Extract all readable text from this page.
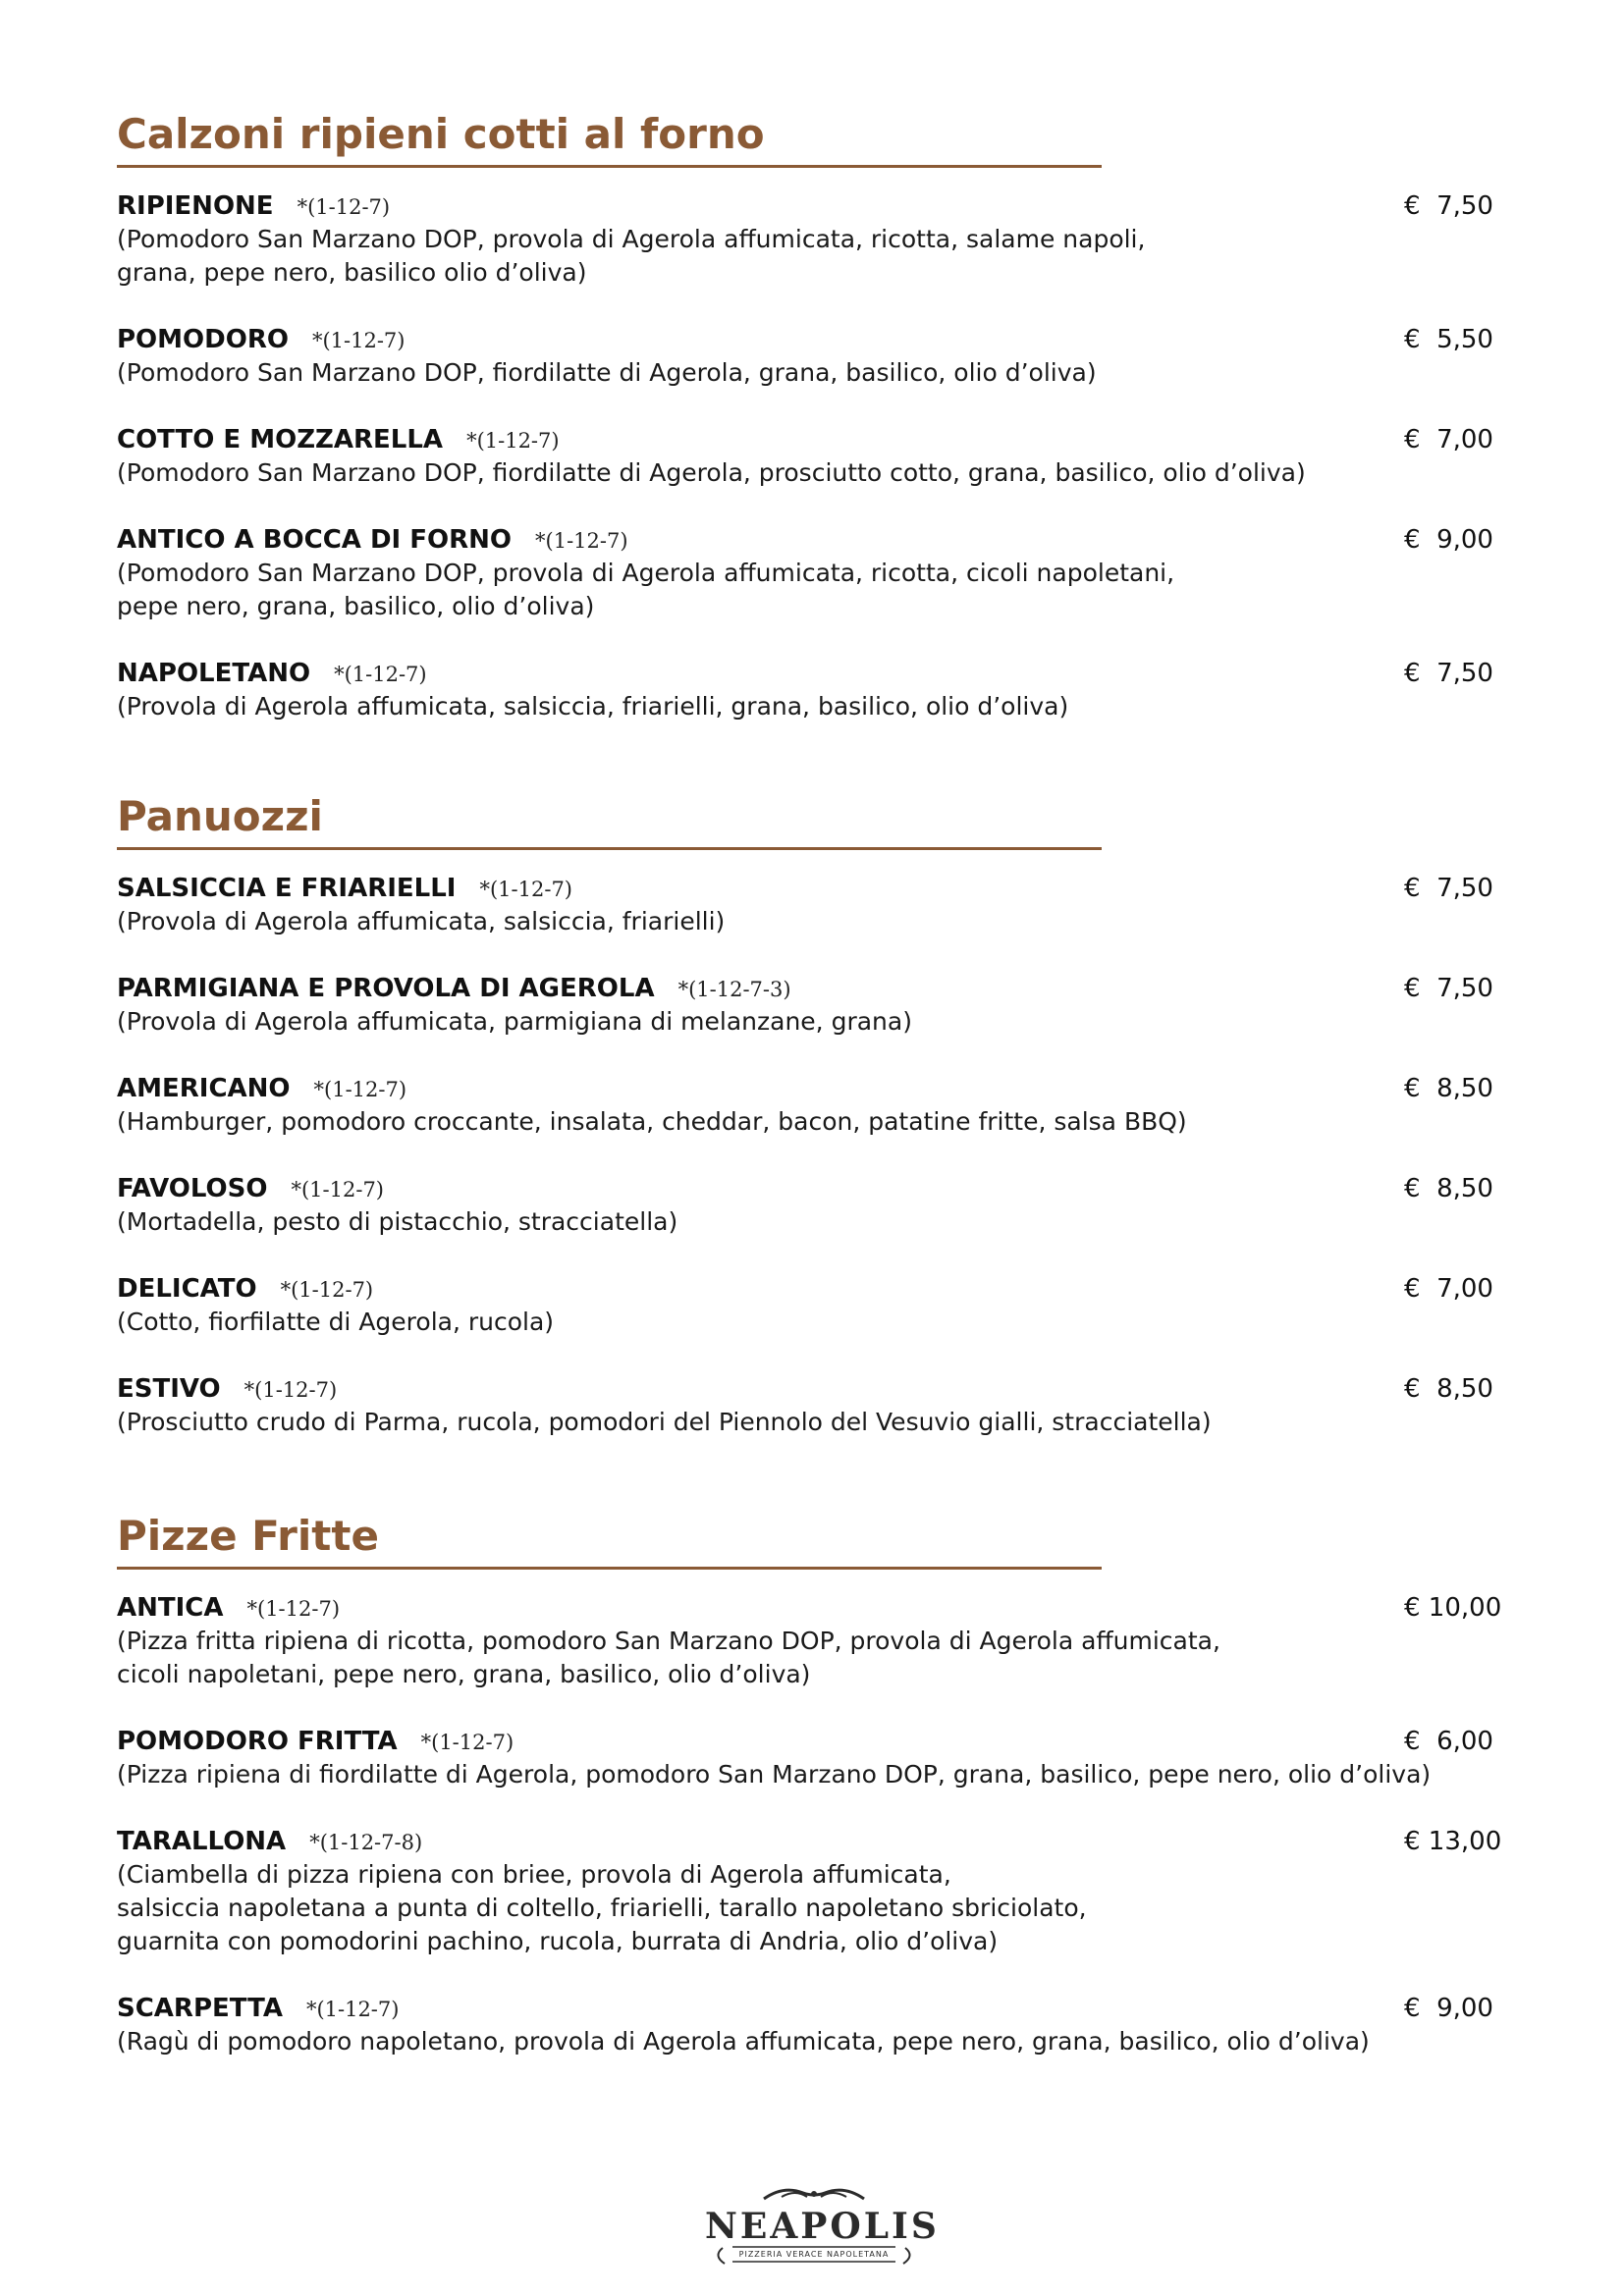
Calzoni ripieni cotti al forno
RIPIENONE *(1-12-7)	€  7,50
(Pomodoro San Marzano DOP, provola di Agerola affumicata, ricotta, salame napoli,
grana, pepe nero, basilico olio d’oliva)
POMODORO *(1-12-7)	€  5,50
(Pomodoro San Marzano DOP, fiordilatte di Agerola, grana, basilico, olio d’oliva)
COTTO E MOZZARELLA *(1-12-7)	€  7,00
(Pomodoro San Marzano DOP, fiordilatte di Agerola, prosciutto cotto, grana, basilico, olio d’oliva)
ANTICO A BOCCA DI FORNO *(1-12-7)	€  9,00
(Pomodoro San Marzano DOP, provola di Agerola affumicata, ricotta, cicoli napoletani,
pepe nero, grana, basilico, olio d’oliva)
NAPOLETANO *(1-12-7)	€  7,50
(Provola di Agerola affumicata, salsiccia, friarielli, grana, basilico, olio d’oliva)
Panuozzi
SALSICCIA E FRIARIELLI *(1-12-7)	€  7,50
(Provola di Agerola affumicata, salsiccia, friarielli)
PARMIGIANA E PROVOLA DI AGEROLA *(1-12-7-3)	€  7,50
(Provola di Agerola affumicata, parmigiana di melanzane, grana)
AMERICANO *(1-12-7)	€  8,50
(Hamburger, pomodoro croccante, insalata, cheddar, bacon, patatine fritte, salsa BBQ)
FAVOLOSO *(1-12-7)	€  8,50
(Mortadella, pesto di pistacchio, stracciatella)
DELICATO *(1-12-7)	€  7,00
(Cotto, fiorfilatte di Agerola, rucola)
ESTIVO *(1-12-7)	€  8,50
(Prosciutto crudo di Parma, rucola, pomodori del Piennolo del Vesuvio gialli, stracciatella)
Pizze Fritte
ANTICA *(1-12-7)	€ 10,00
(Pizza fritta ripiena di ricotta, pomodoro San Marzano DOP, provola di Agerola affumicata,
cicoli napoletani, pepe nero, grana, basilico, olio d’oliva)
POMODORO FRITTA *(1-12-7)	€  6,00
(Pizza ripiena di fiordilatte di Agerola, pomodoro San Marzano DOP, grana, basilico, pepe nero, olio d’oliva)
TARALLONA *(1-12-7-8)	€ 13,00
(Ciambella di pizza ripiena con briee, provola di Agerola affumicata,
salsiccia napoletana a punta di coltello, friarielli, tarallo napoletano sbriciolato,
guarnita con pomodorini pachino, rucola, burrata di Andria, olio d’oliva)
SCARPETTA *(1-12-7)	€  9,00
(Ragù di pomodoro napoletano, provola di Agerola affumicata, pepe nero, grana, basilico, olio d’oliva)
NEAPOLIS
PIZZERIA VERACE NAPOLETANA
